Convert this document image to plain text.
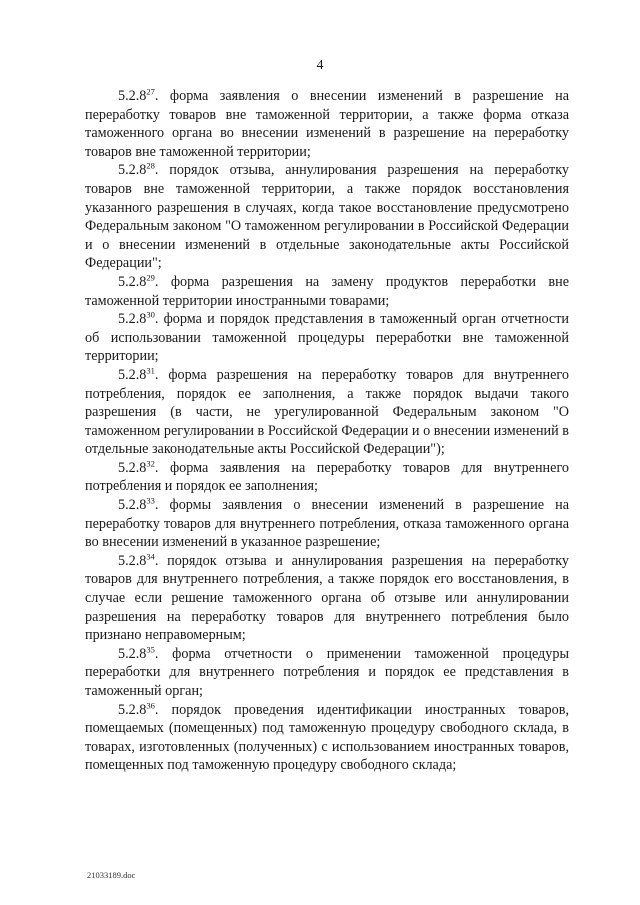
4

5.2.8$^{27}$. форма заявления о внесении изменений в разрешение на переработку товаров вне таможенной территории, а также форма отказа таможенного органа во внесении изменений в разрешение на переработку товаров вне таможенной территории;

5.2.8$^{28}$. порядок отзыва, аннулирования разрешения на переработку товаров вне таможенной территории, а также порядок восстановления указанного разрешения в случаях, когда такое восстановление предусмотрено Федеральным законом "О таможенном регулировании в Российской Федерации и о внесении изменений в отдельные законодательные акты Российской Федерации";

5.2.8$^{29}$. форма разрешения на замену продуктов переработки вне таможенной территории иностранными товарами;

5.2.8$^{30}$. форма и порядок представления в таможенный орган отчетности об использовании таможенной процедуры переработки вне таможенной территории;

5.2.8$^{31}$. форма разрешения на переработку товаров для внутреннего потребления, порядок ее заполнения, а также порядок выдачи такого разрешения (в части, не урегулированной Федеральным законом "О таможенном регулировании в Российской Федерации и о внесении изменений в отдельные законодательные акты Российской Федерации");

5.2.8$^{32}$. форма заявления на переработку товаров для внутреннего потребления и порядок ее заполнения;

5.2.8$^{33}$. формы заявления о внесении изменений в разрешение на переработку товаров для внутреннего потребления, отказа таможенного органа во внесении изменений в указанное разрешение;

5.2.8$^{34}$. порядок отзыва и аннулирования разрешения на переработку товаров для внутреннего потребления, а также порядок его восстановления, в случае если решение таможенного органа об отзыве или аннулировании разрешения на переработку товаров для внутреннего потребления было признано неправомерным;

5.2.8$^{35}$. форма отчетности о применении таможенной процедуры переработки для внутреннего потребления и порядок ее представления в таможенный орган;

5.2.8$^{36}$. порядок проведения идентификации иностранных товаров, помещаемых (помещенных) под таможенную процедуру свободного склада, в товарах, изготовленных (полученных) с использованием иностранных товаров, помещенных под таможенную процедуру свободного склада;

21033189.doc
